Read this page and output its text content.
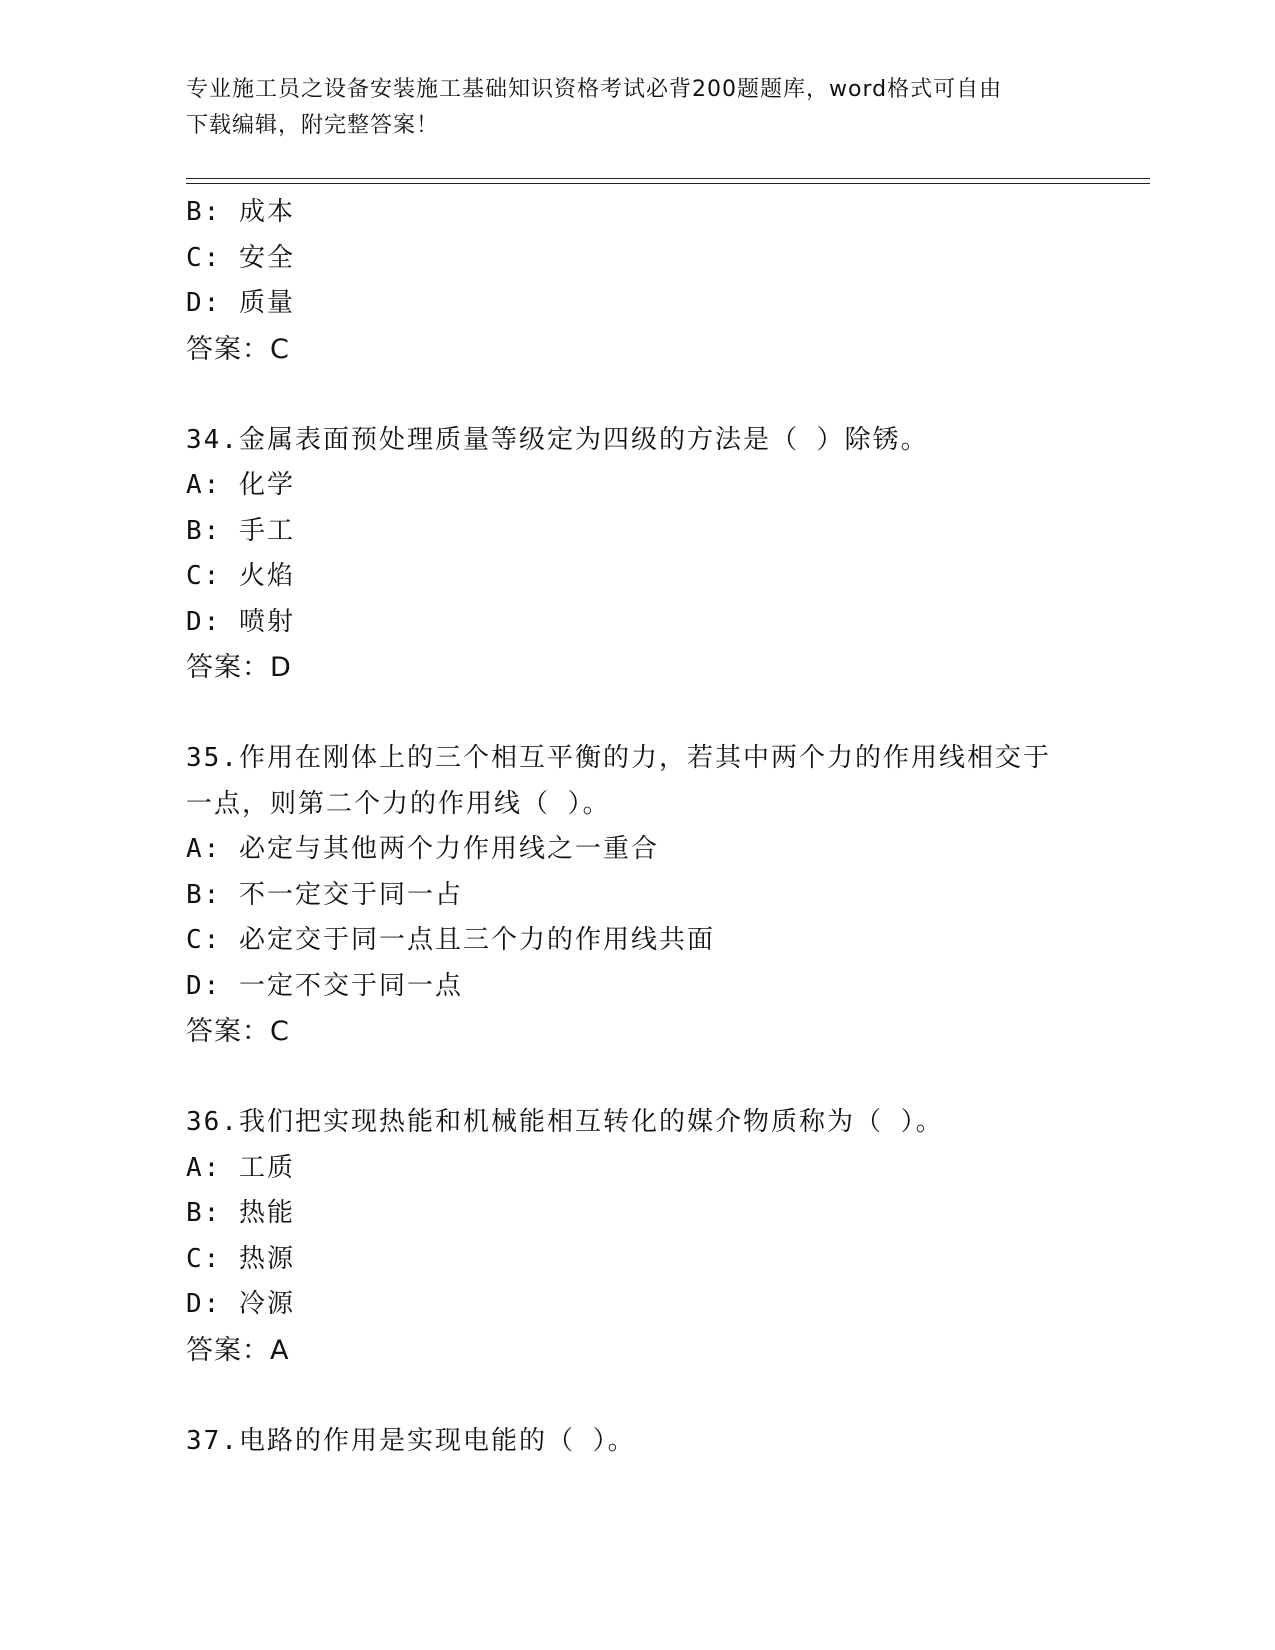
专业施工员之设备安装施工基础知识资格考试必背200题题库，word格式可自由
下载编辑，附完整答案！
B: 成本
C: 安全
D: 质量
答案：C
34.金属表面预处理质量等级定为四级的方法是（ ）除锈。
A: 化学
B: 手工
C: 火焰
D: 喷射
答案：D
35.作用在刚体上的三个相互平衡的力，若其中两个力的作用线相交于
一点，则第二个力的作用线（ ）。
A: 必定与其他两个力作用线之一重合
B: 不一定交于同一占
C: 必定交于同一点且三个力的作用线共面
D: 一定不交于同一点
答案：C
36.我们把实现热能和机械能相互转化的媒介物质称为（ ）。
A: 工质
B: 热能
C: 热源
D: 冷源
答案：A
37.电路的作用是实现电能的（ ）。
